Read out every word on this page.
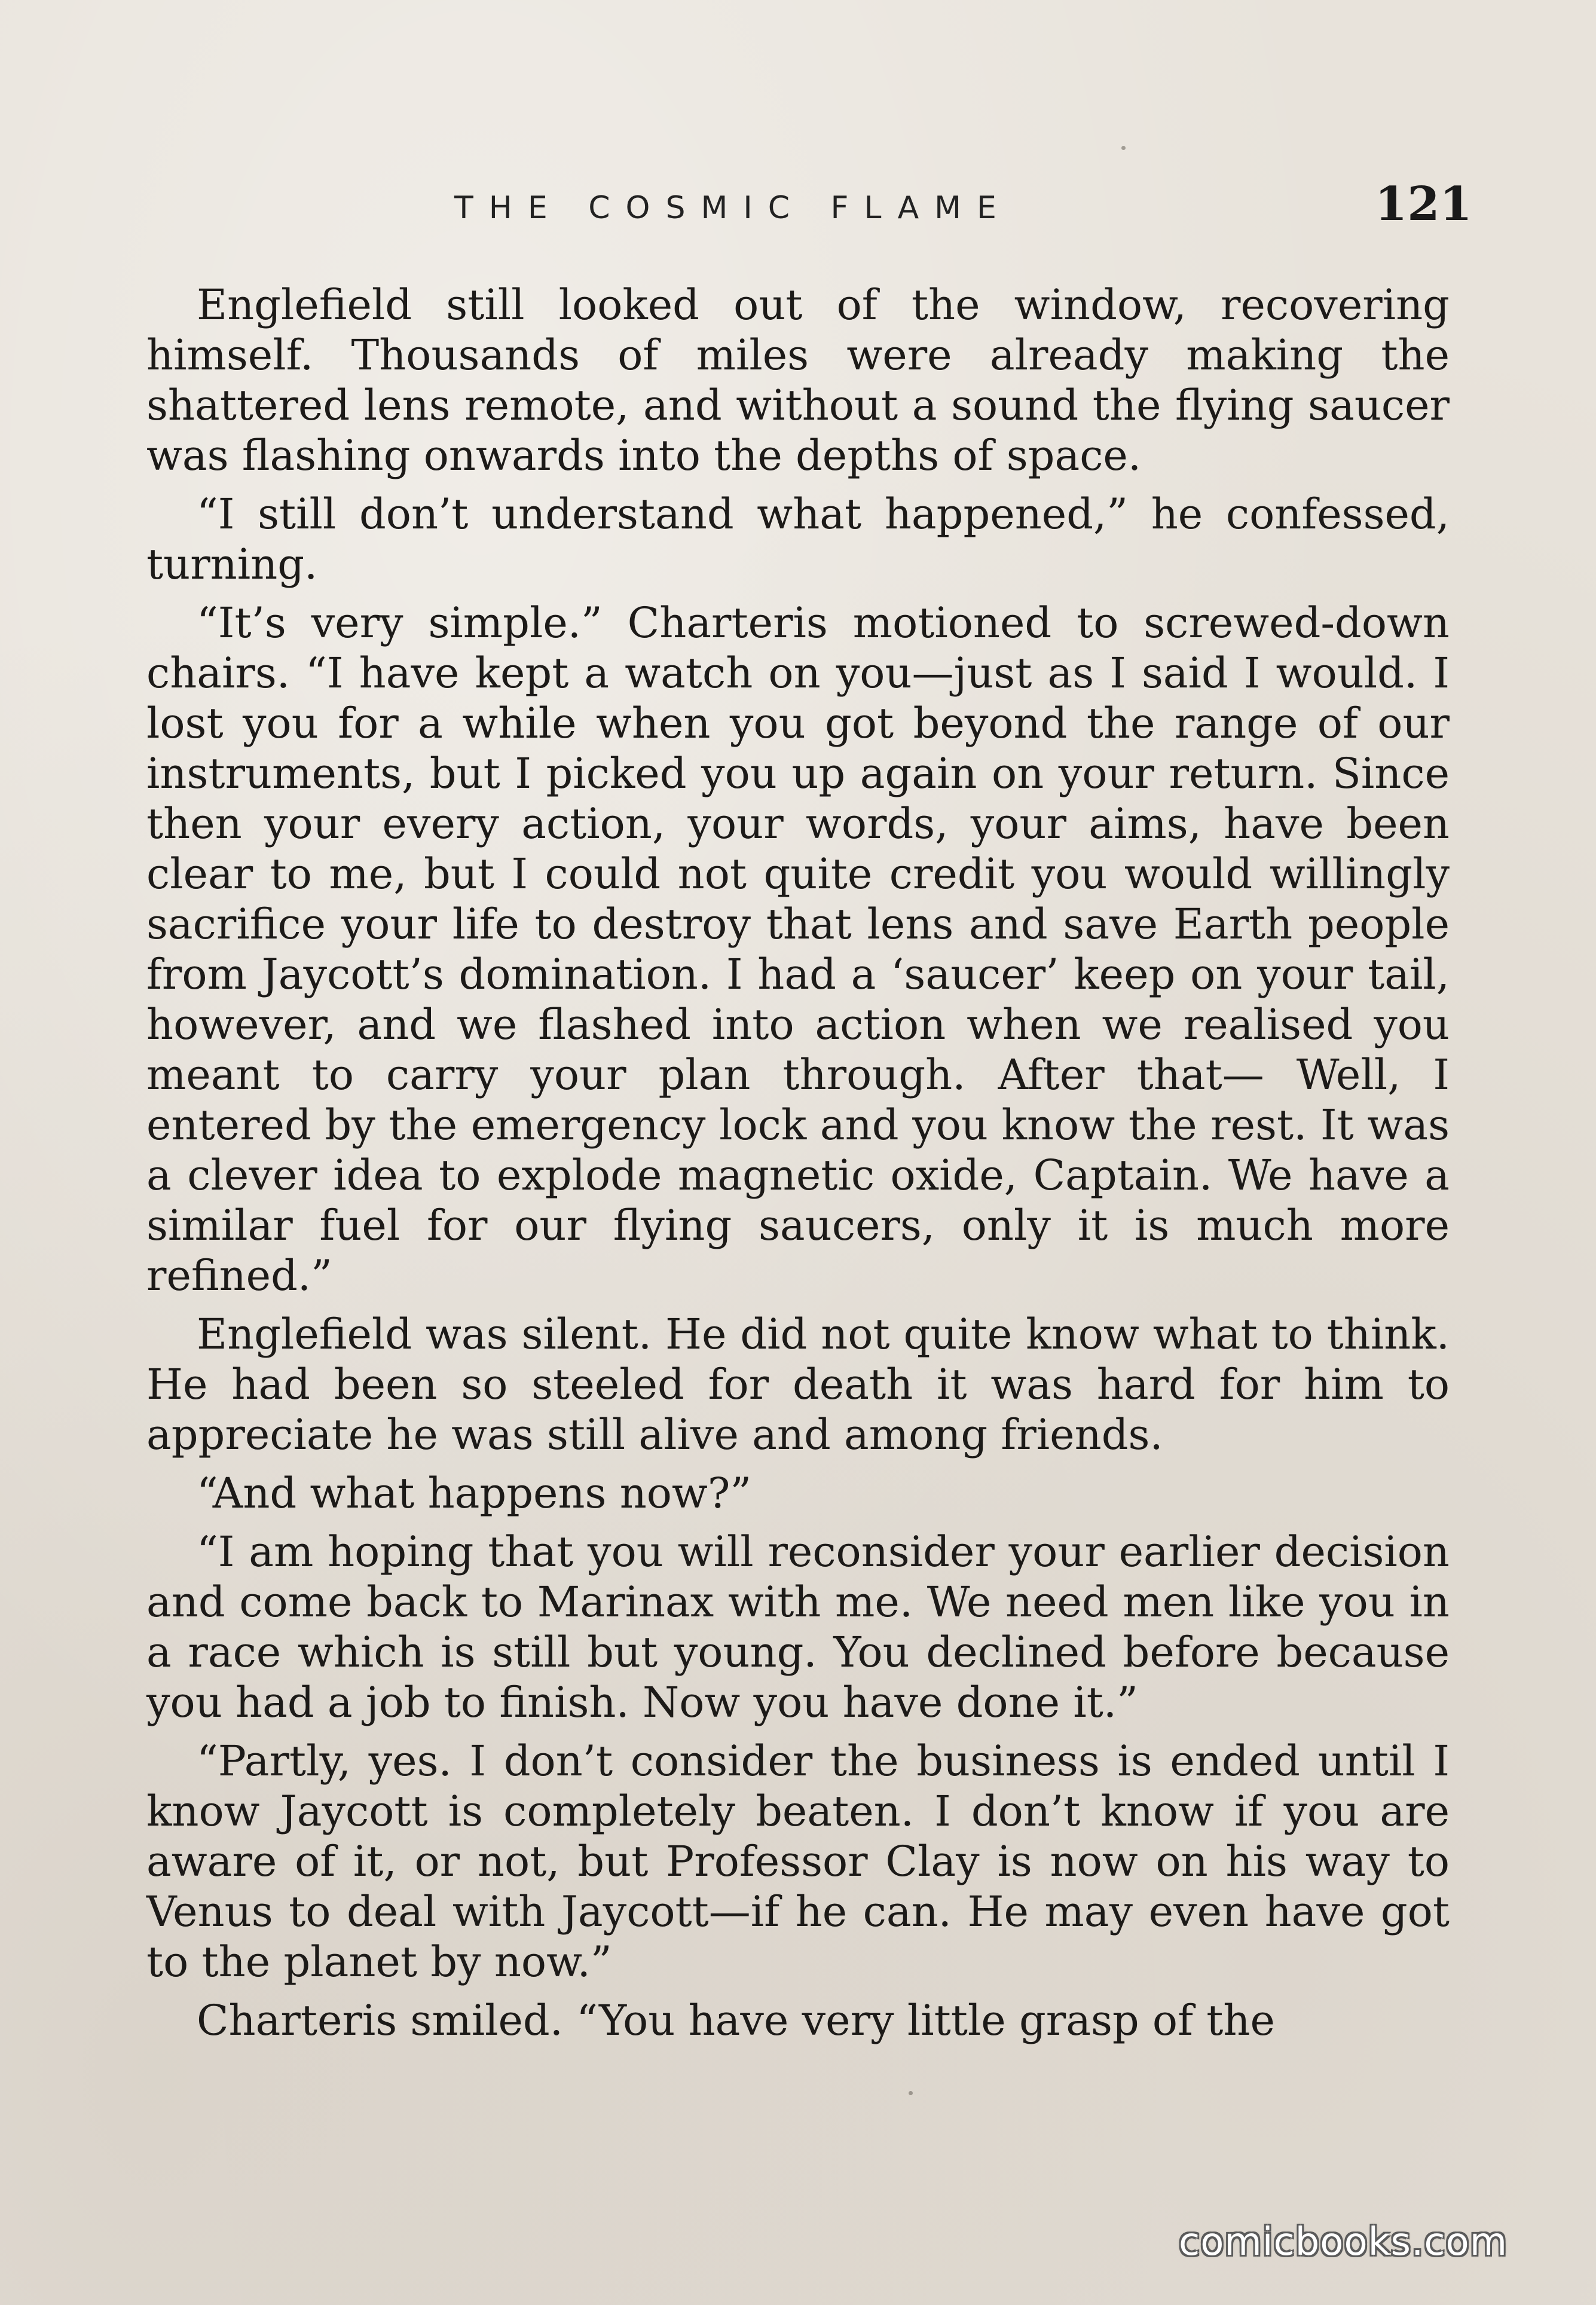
THE COSMIC FLAME	121

Englefield still looked out of the window, recovering himself. Thousands of miles were already making the shattered lens remote, and without a sound the flying saucer was flashing onwards into the depths of space.

“I still don’t understand what happened,” he confessed, turning.

“It’s very simple.” Charteris motioned to screwed-down chairs. “I have kept a watch on you—just as I said I would. I lost you for a while when you got beyond the range of our instruments, but I picked you up again on your return. Since then your every action, your words, your aims, have been clear to me, but I could not quite credit you would willingly sacrifice your life to destroy that lens and save Earth people from Jaycott’s domination. I had a ‘saucer’ keep on your tail, however, and we flashed into action when we realised you meant to carry your plan through. After that— Well, I entered by the emergency lock and you know the rest. It was a clever idea to explode magnetic oxide, Captain. We have a similar fuel for our flying saucers, only it is much more refined.”

Englefield was silent. He did not quite know what to think. He had been so steeled for death it was hard for him to appreciate he was still alive and among friends.

“And what happens now?”

“I am hoping that you will reconsider your earlier decision and come back to Marinax with me. We need men like you in a race which is still but young. You declined before because you had a job to finish. Now you have done it.”

“Partly, yes. I don’t consider the business is ended until I know Jaycott is completely beaten. I don’t know if you are aware of it, or not, but Professor Clay is now on his way to Venus to deal with Jaycott—if he can. He may even have got to the planet by now.”

Charteris smiled. “You have very little grasp of the

comicbooks.com
